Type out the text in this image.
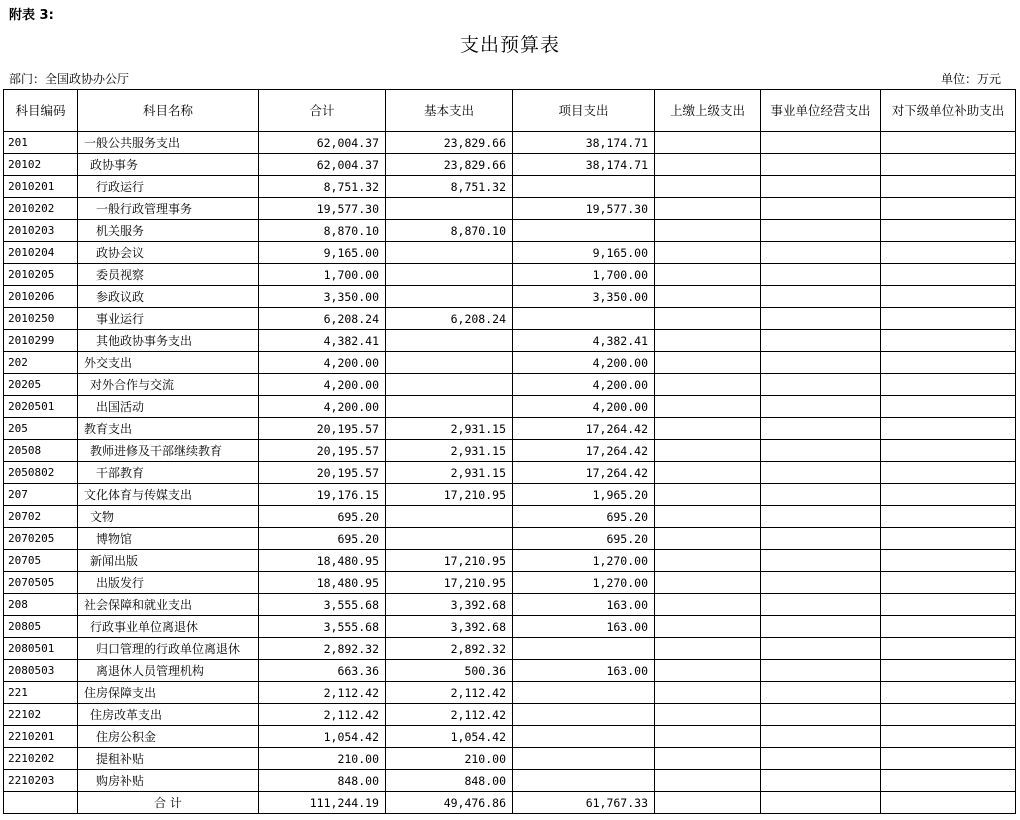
附表 3:
支出预算表
部门：全国政协办公厅	单位：万元
科目编码	科目名称	合计	基本支出	项目支出	上缴上级支出	事业单位经营支出	对下级单位补助支出
201	一般公共服务支出	62,004.37	23,829.66	38,174.71			
20102	政协事务	62,004.37	23,829.66	38,174.71			
2010201	行政运行	8,751.32	8,751.32				
2010202	一般行政管理事务	19,577.30		19,577.30			
2010203	机关服务	8,870.10	8,870.10				
2010204	政协会议	9,165.00		9,165.00			
2010205	委员视察	1,700.00		1,700.00			
2010206	参政议政	3,350.00		3,350.00			
2010250	事业运行	6,208.24	6,208.24				
2010299	其他政协事务支出	4,382.41		4,382.41			
202	外交支出	4,200.00		4,200.00			
20205	对外合作与交流	4,200.00		4,200.00			
2020501	出国活动	4,200.00		4,200.00			
205	教育支出	20,195.57	2,931.15	17,264.42			
20508	教师进修及干部继续教育	20,195.57	2,931.15	17,264.42			
2050802	干部教育	20,195.57	2,931.15	17,264.42			
207	文化体育与传媒支出	19,176.15	17,210.95	1,965.20			
20702	文物	695.20		695.20			
2070205	博物馆	695.20		695.20			
20705	新闻出版	18,480.95	17,210.95	1,270.00			
2070505	出版发行	18,480.95	17,210.95	1,270.00			
208	社会保障和就业支出	3,555.68	3,392.68	163.00			
20805	行政事业单位离退休	3,555.68	3,392.68	163.00			
2080501	归口管理的行政单位离退休	2,892.32	2,892.32				
2080503	离退休人员管理机构	663.36	500.36	163.00			
221	住房保障支出	2,112.42	2,112.42				
22102	住房改革支出	2,112.42	2,112.42				
2210201	住房公积金	1,054.42	1,054.42				
2210202	提租补贴	210.00	210.00				
2210203	购房补贴	848.00	848.00				
	合 计	111,244.19	49,476.86	61,767.33			
